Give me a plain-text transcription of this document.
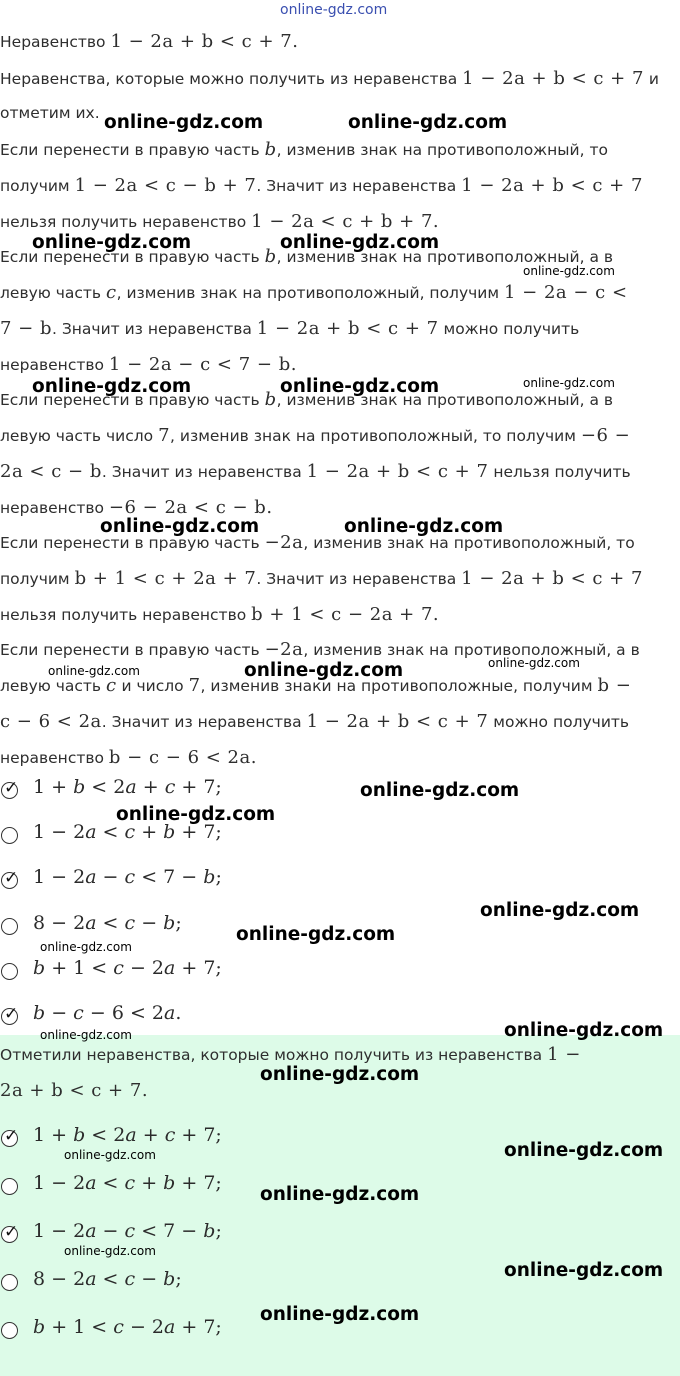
online-gdz.com
Неравенство 1 − 2a + b < c + 7.
Неравенства, которые можно получить из неравенства 1 − 2a + b < c + 7 и
отметим их.
Если перенести в правую часть b, изменив знак на противоположный, то
получим 1 − 2a < c − b + 7. Значит из неравенства 1 − 2a + b < c + 7
нельзя получить неравенство 1 − 2a < c + b + 7.
Если перенести в правую часть b, изменив знак на противоположный, а в
левую часть c, изменив знак на противоположный, получим 1 − 2a − c <
7 − b. Значит из неравенства 1 − 2a + b < c + 7 можно получить
неравенство 1 − 2a − c < 7 − b.
Если перенести в правую часть b, изменив знак на противоположный, а в
левую часть число 7, изменив знак на противоположный, то получим −6 −
2a < c − b. Значит из неравенства 1 − 2a + b < c + 7 нельзя получить
неравенство −6 − 2a < c − b.
Если перенести в правую часть −2a, изменив знак на противоположный, то
получим b + 1 < c + 2a + 7. Значит из неравенства 1 − 2a + b < c + 7
нельзя получить неравенство b + 1 < c − 2a + 7.
Если перенести в правую часть −2a, изменив знак на противоположный, а в
левую часть c и число 7, изменив знаки на противоположные, получим b −
c − 6 < 2a. Значит из неравенства 1 − 2a + b < c + 7 можно получить
неравенство b − c − 6 < 2a.
✓ 1 + b < 2a + c + 7;
1 − 2a < c + b + 7;
✓ 1 − 2a − c < 7 − b;
8 − 2a < c − b;
b + 1 < c − 2a + 7;
✓ b − c − 6 < 2a.
Отметили неравенства, которые можно получить из неравенства 1 −
2a + b < c + 7.
✓ 1 + b < 2a + c + 7;
1 − 2a < c + b + 7;
✓ 1 − 2a − c < 7 − b;
8 − 2a < c − b;
b + 1 < c − 2a + 7;
online-gdz.com	online-gdz.com
online-gdz.com	online-gdz.com
online-gdz.com
online-gdz.com	online-gdz.com	online-gdz.com
online-gdz.com	online-gdz.com
online-gdz.com	online-gdz.com	online-gdz.com
online-gdz.com
online-gdz.com
online-gdz.com
online-gdz.com
online-gdz.com
online-gdz.com	online-gdz.com
online-gdz.com
online-gdz.com
online-gdz.com
online-gdz.com
online-gdz.com
online-gdz.com
online-gdz.com
